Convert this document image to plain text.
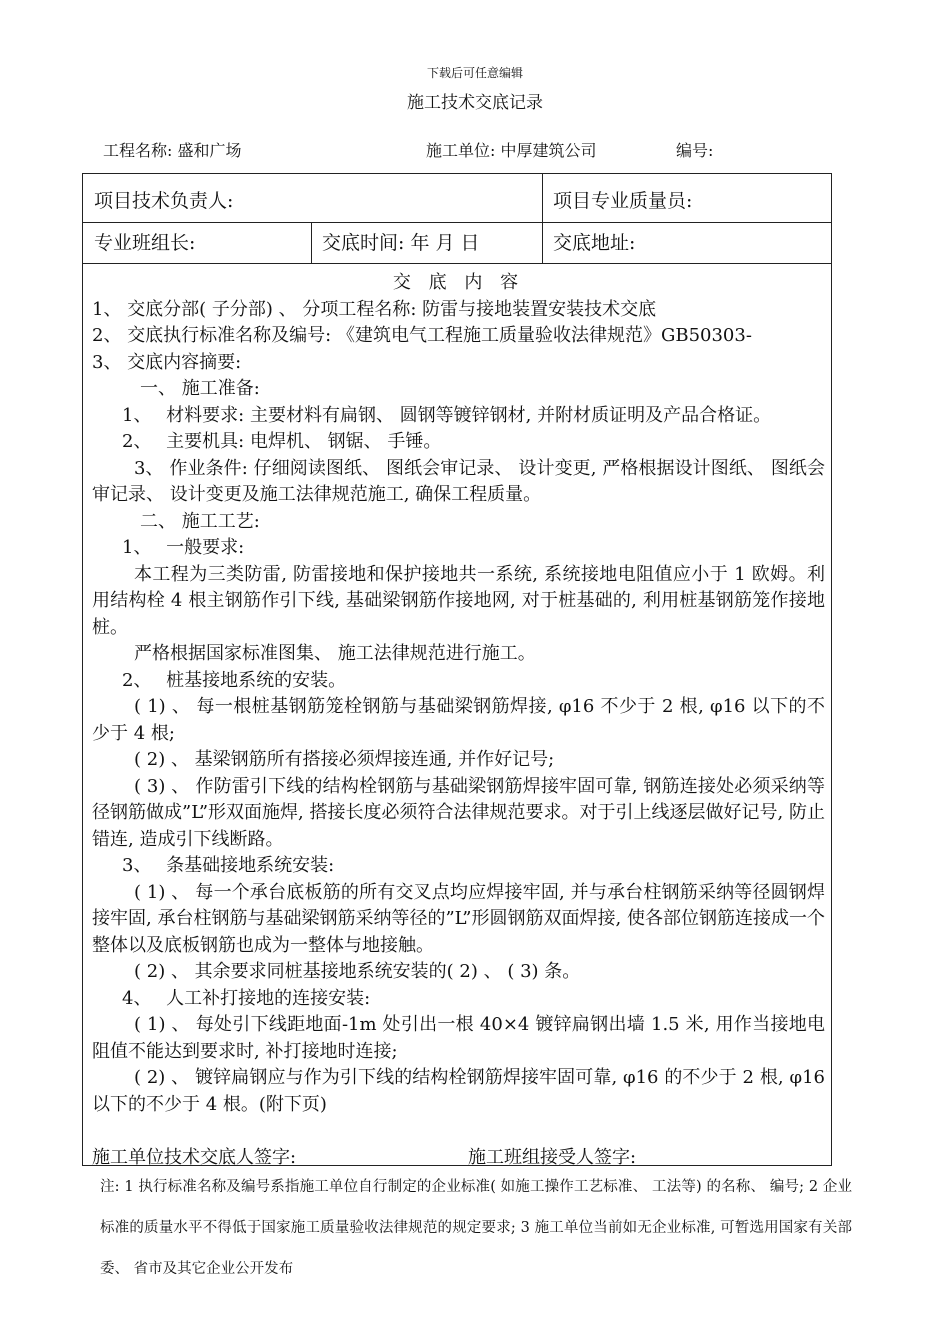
下载后可任意编辑
施工技术交底记录
工程名称: 盛和广场	施工单位: 中厚建筑公司	编号:
项目技术负责人:	项目专业质量员:
专业班组长:	交底时间: 年 月 日	交底地址:

交 底 内 容

1、 交底分部( 子分部) 、 分项工程名称: 防雷与接地装置安装技术交底

2、 交底执行标准名称及编号: 《建筑电气工程施工质量验收法律规范》GB50303-

3、 交底内容摘要:

一、 施工准备:

1、　 材料要求: 主要材料有扁钢、 圆钢等镀锌钢材, 并附材质证明及产品合格证。

2、　 主要机具: 电焊机、 钢锯、 手锤。

3、 作业条件: 仔细阅读图纸、 图纸会审记录、 设计变更, 严格根据设计图纸、 图纸会审记录、 设计变更及施工法律规范施工, 确保工程质量。

二、 施工工艺:

1、　 一般要求:

本工程为三类防雷, 防雷接地和保护接地共一系统, 系统接地电阻值应小于 1 欧姆。利用结构栓 4 根主钢筋作引下线, 基础梁钢筋作接地网, 对于桩基础的, 利用桩基钢筋笼作接地桩。

严格根据国家标准图集、 施工法律规范进行施工。

2、　 桩基接地系统的安装。

( 1) 、 每一根桩基钢筋笼栓钢筋与基础梁钢筋焊接, φ16 不少于 2 根, φ16 以下的不少于 4 根;

( 2) 、 基梁钢筋所有搭接必须焊接连通, 并作好记号;

( 3) 、 作防雷引下线的结构栓钢筋与基础梁钢筋焊接牢固可靠, 钢筋连接处必须采纳等径钢筋做成”L”形双面施焊, 搭接长度必须符合法律规范要求。对于引上线逐层做好记号, 防止错连, 造成引下线断路。

3、　 条基础接地系统安装:

( 1) 、 每一个承台底板筋的所有交叉点均应焊接牢固, 并与承台柱钢筋采纳等径圆钢焊接牢固, 承台柱钢筋与基础梁钢筋采纳等径的”L”形圆钢筋双面焊接, 使各部位钢筋连接成一个整体以及底板钢筋也成为一整体与地接触。

( 2) 、 其余要求同桩基接地系统安装的( 2) 、 ( 3) 条。

4、　 人工补打接地的连接安装:

( 1) 、 每处引下线距地面-1m 处引出一根 40×4 镀锌扁钢出墙 1.5 米, 用作当接地电阻值不能达到要求时, 补打接地时连接;

( 2) 、 镀锌扁钢应与作为引下线的结构栓钢筋焊接牢固可靠, φ16 的不少于 2 根, φ16 以下的不少于 4 根。(附下页)

施工单位技术交底人签字:	施工班组接受人签字:
注: 1 执行标准名称及编号系指施工单位自行制定的企业标准( 如施工操作工艺标准、 工法等) 的名称、 编号; 2 企业标准的质量水平不得低于国家施工质量验收法律规范的规定要求; 3 施工单位当前如无企业标准, 可暂选用国家有关部委、 省市及其它企业公开发布
